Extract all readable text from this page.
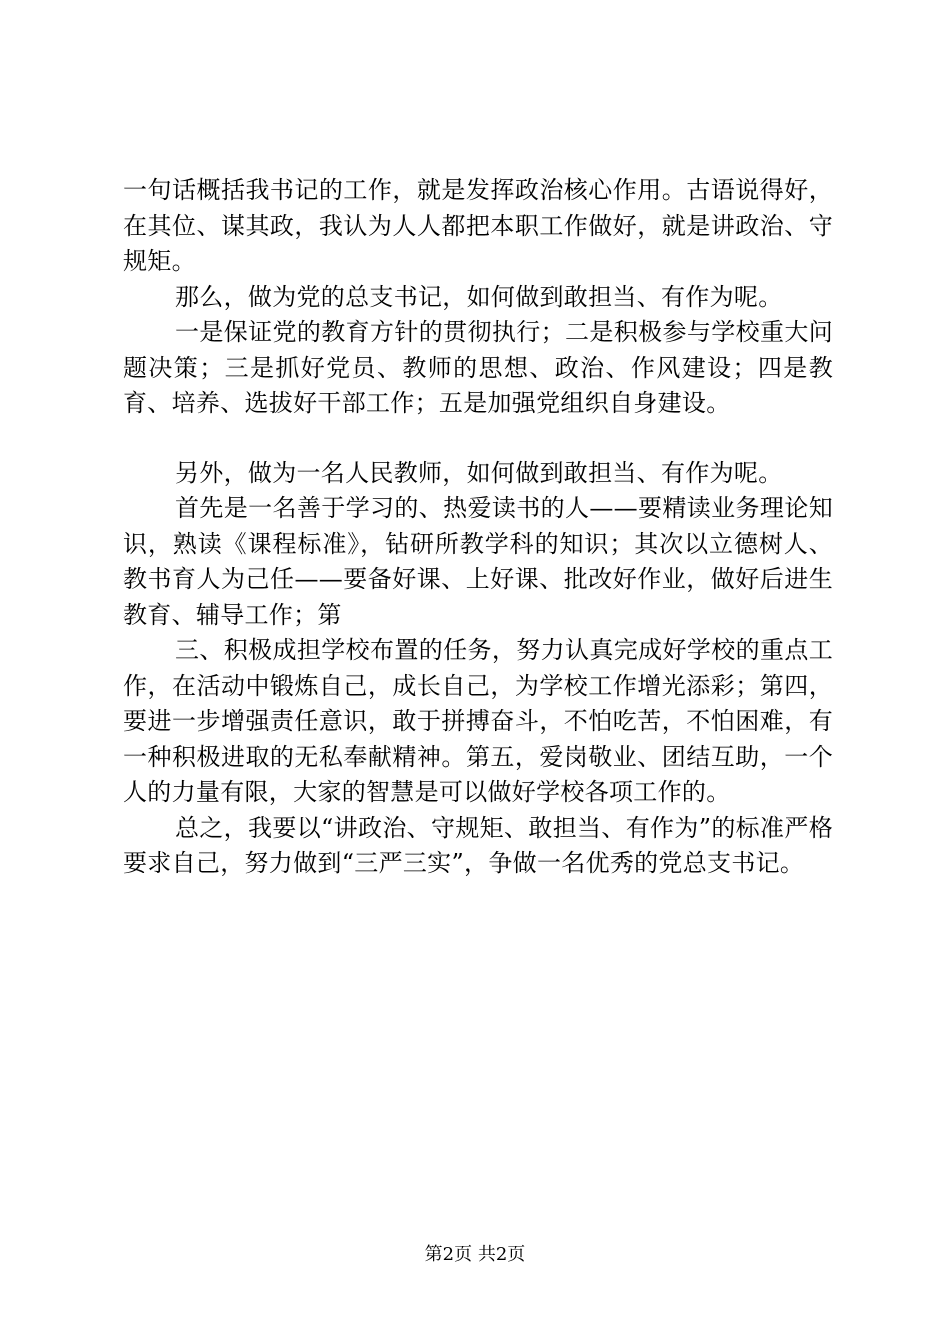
一句话概括我书记的工作，就是发挥政治核心作用。古语说得好，在其位、谋其政，我认为人人都把本职工作做好，就是讲政治、守规矩。

那么，做为党的总支书记，如何做到敢担当、有作为呢。

一是保证党的教育方针的贯彻执行；二是积极参与学校重大问题决策；三是抓好党员、教师的思想、政治、作风建设；四是教育、培养、选拔好干部工作；五是加强党组织自身建设。

另外，做为一名人民教师，如何做到敢担当、有作为呢。

首先是一名善于学习的、热爱读书的人——要精读业务理论知识，熟读《课程标准》，钻研所教学科的知识；其次以立德树人、教书育人为己任——要备好课、上好课、批改好作业，做好后进生教育、辅导工作；第

三、积极成担学校布置的任务，努力认真完成好学校的重点工作，在活动中锻炼自己，成长自己，为学校工作增光添彩；第四，要进一步增强责任意识，敢于拼搏奋斗，不怕吃苦，不怕困难，有一种积极进取的无私奉献精神。第五，爱岗敬业、团结互助，一个人的力量有限，大家的智慧是可以做好学校各项工作的。

总之，我要以“讲政治、守规矩、敢担当、有作为”的标准严格要求自己，努力做到“三严三实”，争做一名优秀的党总支书记。

第2页 共2页
